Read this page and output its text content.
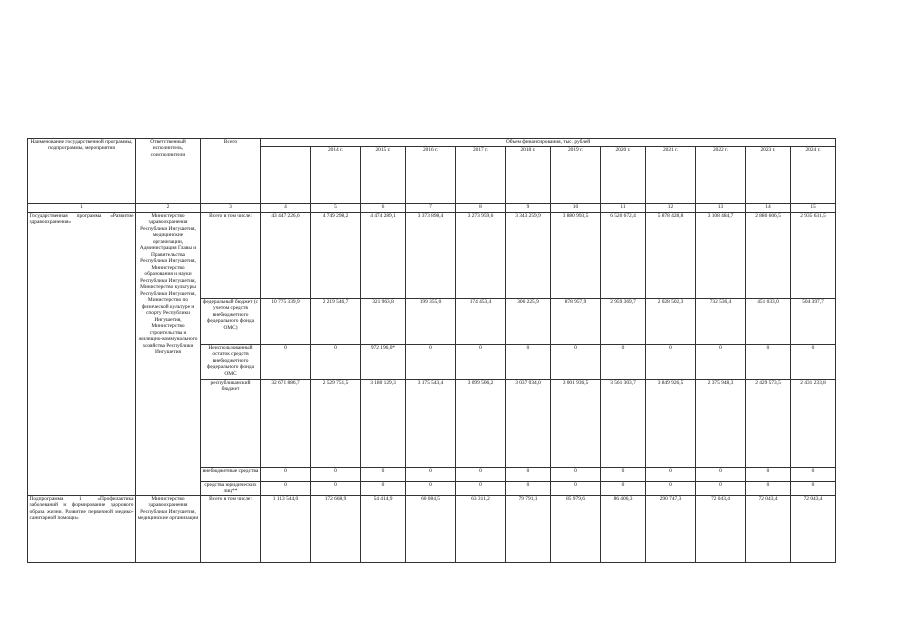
Наименование государственной программы, подпрограммы, мероприятия	Ответственный исполнитель, соисполнители	Всего	Объем финансирования, тыс. рублей											
				2014 г.	2015 г.	2016 г.	2017 г.	2018 г.	2019 г.	2020 г.	2021 г.	2022 г.	2023 г.	2024 г.
1	2	3	4	5	6	7	8	9	10	11	12	13	14	15
Государственная программа «Развитие здравоохранения»	Министерство здравоохранения Республики Ингушетия, медицинские организации, Администрация Главы и Правительства Республики Ингушетия, Министерство образования и науки Республики Ингушетия, Министерство культуры Республики Ингушетия, Министерство по физической культуре и спорту Республики Ингушетия, Министерство строительства и жилищно-коммунального хозяйства Республики Ингушетия	Всего в том числе:	43 447 226,6	4 749 298,2	4 474 289,1	3 373 898,4	3 273 959,6	3 343 259,9	3 880 993,5	6 520 672,4	5 878 428,8	3 108 484,7	2 880 606,5	2 935 631,5
		федеральный бюджет (с учетом средств внебюджетного федерального фонда ОМС)	10 775 339,9	2 219 546,7	321 963,8	199 355,0	174 453,4	306 225,9	878 957,9	2 959 369,7	2 028 502,3	732 536,4	451 033,0	504 397,7
		Неиспользованный остаток средств внебюджетного федерального фонда ОМС	0	0	972 196,0*	0	0	0	0	0	0	0	0	0
		республиканский бюджет	32 671 886,7	2 529 751,5	3 180 129,3	3 175 543,4	3 099 506,2	3 037 034,0	3 001 936,5	3 561 303,7	3 849 926,5	2 375 948,3	2 429 573,5	2 431 233,8
		внебюджетные средства	0	0	0	0	0	0	0	0	0	0	0	0
		средства юридических лиц**	0	0	0	0	0	0	0	0	0	0	0	0
Подпрограмма 1 «Профилактика заболеваний и формирование здорового образа жизни. Развитие первичной медико-санитарной помощи»	Министерство здравоохранения Республики Ингушетия, медицинские организации	Всего в том числе:	1 113 544,0	172 668,9	54 414,9	60 084,5	63 311,2	79 791,1	85 979,6	86 406,3	290 747,3	72 043,4	72 043,4	72 043,4
